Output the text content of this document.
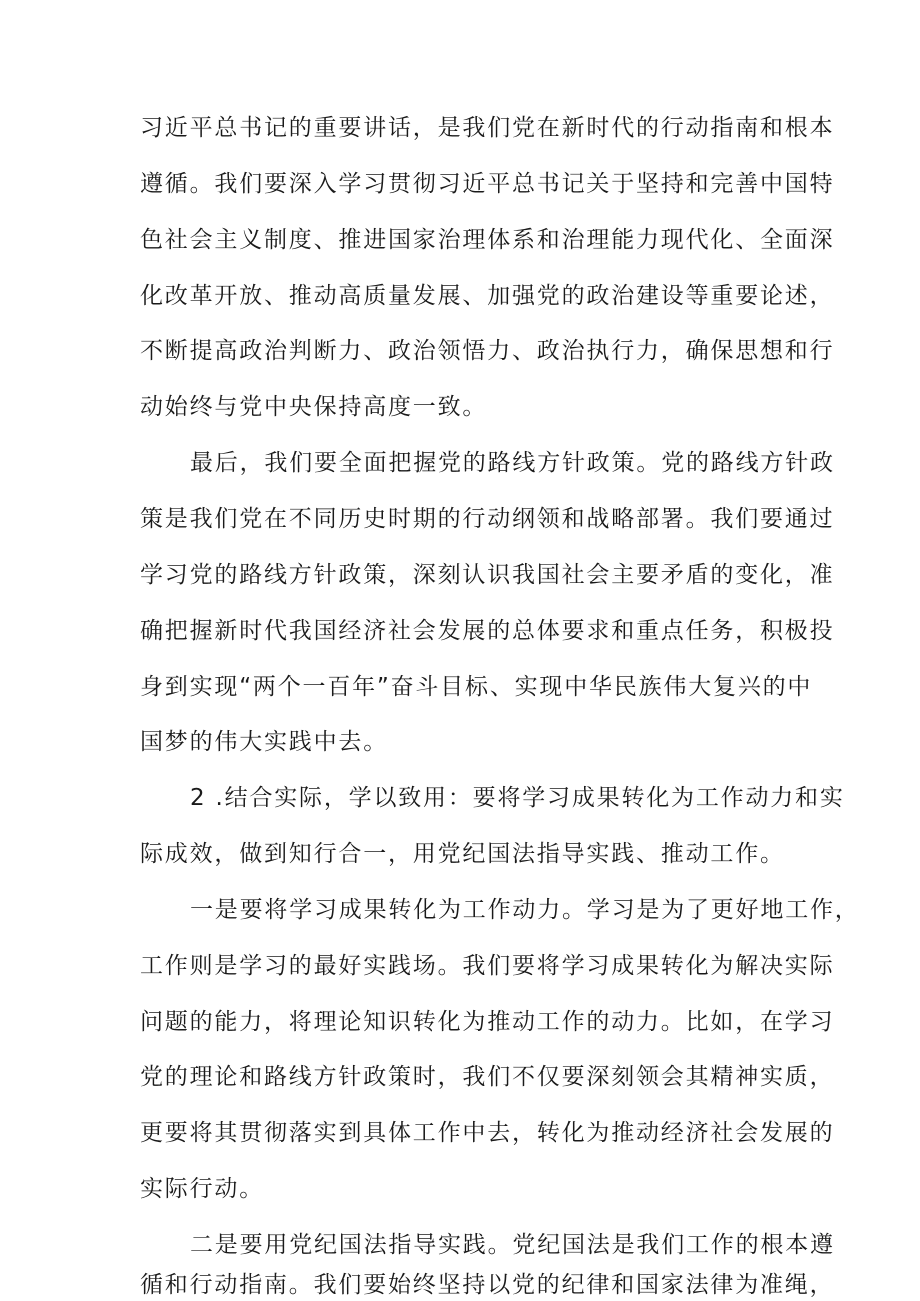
习近平总书记的重要讲话，是我们党在新时代的行动指南和根本
遵循。我们要深入学习贯彻习近平总书记关于坚持和完善中国特
色社会主义制度、推进国家治理体系和治理能力现代化、全面深
化改革开放、推动高质量发展、加强党的政治建设等重要论述，
不断提高政治判断力、政治领悟力、政治执行力，确保思想和行
动始终与党中央保持高度一致。
最后，我们要全面把握党的路线方针政策。党的路线方针政
策是我们党在不同历史时期的行动纲领和战略部署。我们要通过
学习党的路线方针政策，深刻认识我国社会主要矛盾的变化，准
确把握新时代我国经济社会发展的总体要求和重点任务，积极投
身到实现“两个一百年”奋斗目标、实现中华民族伟大复兴的中
国梦的伟大实践中去。
2 .结合实际，学以致用：要将学习成果转化为工作动力和实
际成效，做到知行合一，用党纪国法指导实践、推动工作。
一是要将学习成果转化为工作动力。学习是为了更好地工作，
工作则是学习的最好实践场。我们要将学习成果转化为解决实际
问题的能力，将理论知识转化为推动工作的动力。比如，在学习
党的理论和路线方针政策时，我们不仅要深刻领会其精神实质，
更要将其贯彻落实到具体工作中去，转化为推动经济社会发展的
实际行动。
二是要用党纪国法指导实践。党纪国法是我们工作的根本遵
循和行动指南。我们要始终坚持以党的纪律和国家法律为准绳，
